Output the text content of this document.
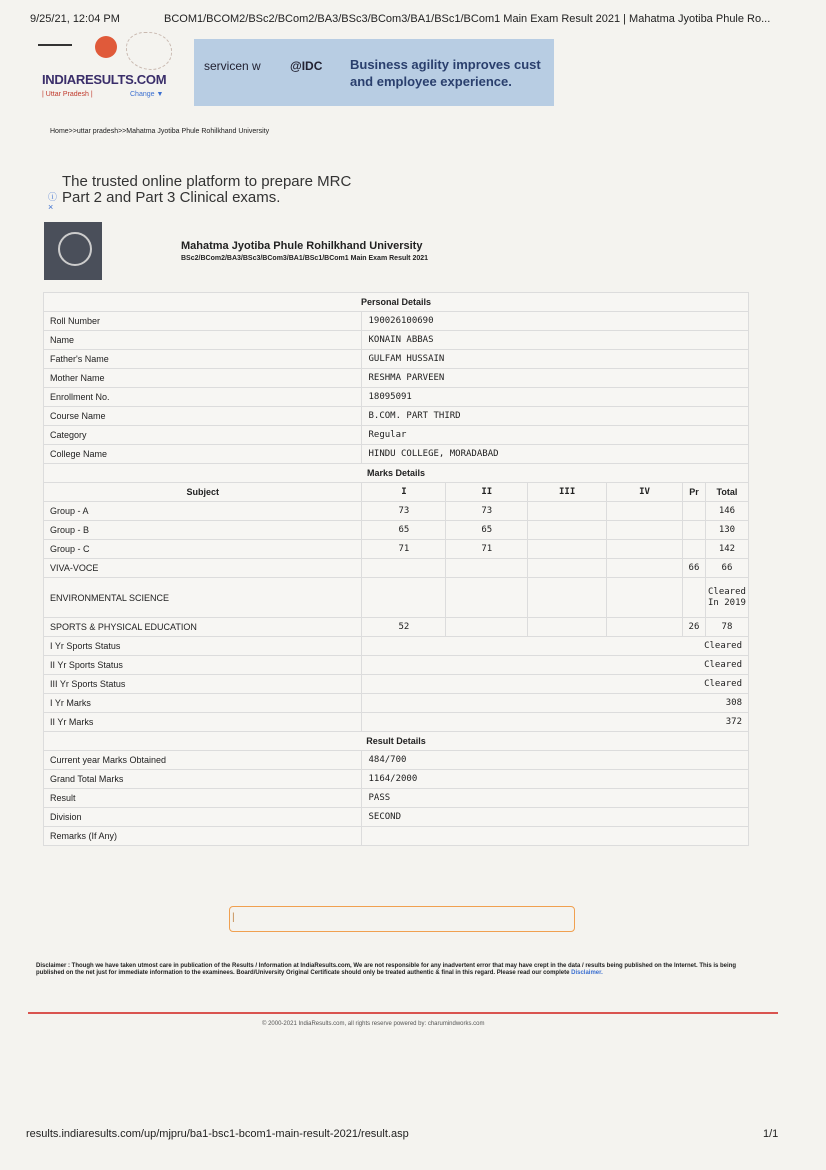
9/25/21, 12:04 PM	BCOM1/BCOM2/BSc2/BCom2/BA3/BSc3/BCom3/BA1/BSc1/BCom1 Main Exam Result 2021 | Mahatma Jyotiba Phule Ro...
INDIARESULTS.COM
| Uttar Pradesh |	Change ▼
servicen w @IDC Business agility improves cust
and employee experience.
Home>>uttar pradesh>>Mahatma Jyotiba Phule Rohilkhand University
The trusted online platform to prepare MRC
Part 2 and Part 3 Clinical exams.
ⓘ
×
Mahatma Jyotiba Phule Rohilkhand University
BSc2/BCom2/BA3/BSc3/BCom3/BA1/BSc1/BCom1 Main Exam Result 2021
Personal Details						
Roll Number	190026100690					
Name	KONAIN ABBAS					
Father's Name	GULFAM HUSSAIN					
Mother Name	RESHMA PARVEEN					
Enrollment No.	18095091					
Course Name	B.COM. PART THIRD					
Category	Regular					
College Name	HINDU COLLEGE, MORADABAD					
Marks Details						
Subject	I	II	III	IV	Pr	Total
Group - A	73	73				146
Group - B	65	65				130
Group - C	71	71				142
VIVA-VOCE					66	66
ENVIRONMENTAL SCIENCE						Cleared In 2019
SPORTS & PHYSICAL EDUCATION	52				26	78
I Yr Sports Status	Cleared					
II Yr Sports Status	Cleared					
III Yr Sports Status	Cleared					
I Yr Marks	308					
II Yr Marks	372					
Result Details						
Current year Marks Obtained	484/700					
Grand Total Marks	1164/2000					
Result	PASS					
Division	SECOND					
Remarks (If Any)						
▏
Disclaimer : Though we have taken utmost care in publication of the Results / Information at IndiaResults.com, We are not responsible for any inadvertent error that may have crept in the data / results being published on the Internet. This is being published on the net just for immediate information to the examinees. Board/University Original Certificate should only be treated authentic & final in this regard. Please read our complete Disclaimer.
© 2000-2021 IndiaResults.com, all rights reserve powered by: charumindworks.com
results.indiaresults.com/up/mjpru/ba1-bsc1-bcom1-main-result-2021/result.asp	1/1
